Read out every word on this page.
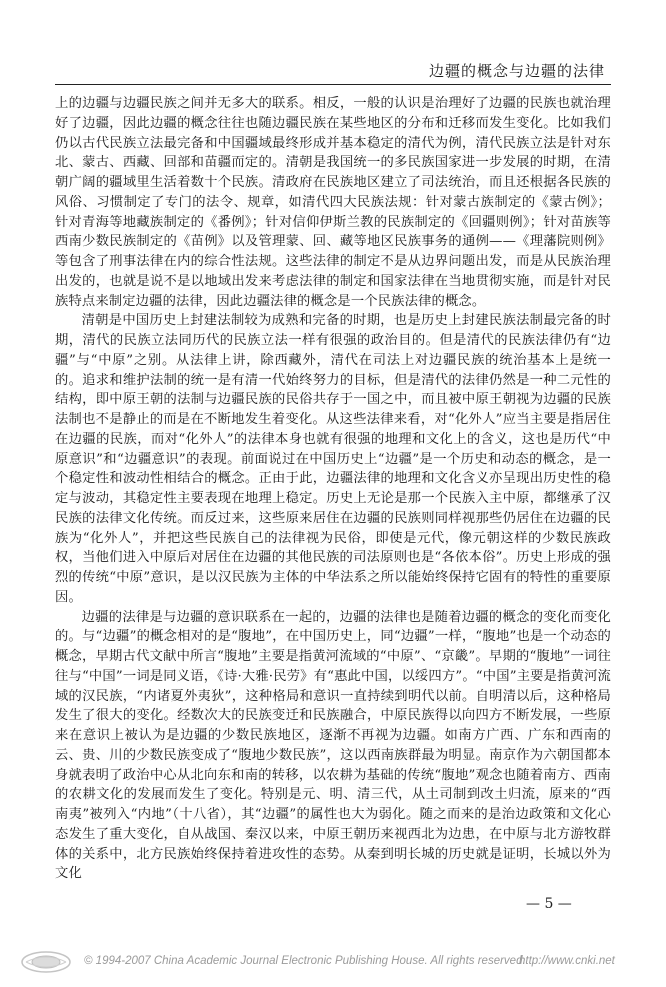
边疆的概念与边疆的法律

上的边疆与边疆民族之间并无多大的联系。相反，一般的认识是治理好了边疆的民族也就治理好了边疆，因此边疆的概念往往也随边疆民族在某些地区的分布和迁移而发生变化。比如我们仍以古代民族立法最完备和中国疆域最终形成并基本稳定的清代为例，清代民族立法是针对东北、蒙古、西藏、回部和苗疆而定的。清朝是我国统一的多民族国家进一步发展的时期，在清朝广阔的疆域里生活着数十个民族。清政府在民族地区建立了司法统治，而且还根据各民族的风俗、习惯制定了专门的法令、规章，如清代四大民族法规：针对蒙古族制定的《蒙古例》；针对青海等地藏族制定的《番例》；针对信仰伊斯兰教的民族制定的《回疆则例》；针对苗族等西南少数民族制定的《苗例》以及管理蒙、回、藏等地区民族事务的通例——《理藩院则例》等包含了刑事法律在内的综合性法规。这些法律的制定不是从边界问题出发，而是从民族治理出发的，也就是说不是以地域出发来考虑法律的制定和国家法律在当地贯彻实施，而是针对民族特点来制定边疆的法律，因此边疆法律的概念是一个民族法律的概念。

清朝是中国历史上封建法制较为成熟和完备的时期，也是历史上封建民族法制最完备的时期，清代的民族立法同历代的民族立法一样有很强的政治目的。但是清代的民族法律仍有“边疆”与“中原”之别。从法律上讲，除西藏外，清代在司法上对边疆民族的统治基本上是统一的。追求和维护法制的统一是有清一代始终努力的目标，但是清代的法律仍然是一种二元性的结构，即中原王朝的法制与边疆民族的民俗共存于一国之中，而且被中原王朝视为边疆的民族法制也不是静止的而是在不断地发生着变化。从这些法律来看，对“化外人”应当主要是指居住在边疆的民族，而对“化外人”的法律本身也就有很强的地理和文化上的含义，这也是历代“中原意识”和“边疆意识”的表现。前面说过在中国历史上“边疆”是一个历史和动态的概念，是一个稳定性和波动性相结合的概念。正由于此，边疆法律的地理和文化含义亦呈现出历史性的稳定与波动，其稳定性主要表现在地理上稳定。历史上无论是那一个民族入主中原，都继承了汉民族的法律文化传统。而反过来，这些原来居住在边疆的民族则同样视那些仍居住在边疆的民族为“化外人”，并把这些民族自己的法律视为民俗，即使是元代，像元朝这样的少数民族政权，当他们进入中原后对居住在边疆的其他民族的司法原则也是“各依本俗”。历史上形成的强烈的传统“中原”意识，是以汉民族为主体的中华法系之所以能始终保持它固有的特性的重要原因。

边疆的法律是与边疆的意识联系在一起的，边疆的法律也是随着边疆的概念的变化而变化的。与“边疆”的概念相对的是“腹地”，在中国历史上，同“边疆”一样，“腹地”也是一个动态的概念，早期古代文献中所言“腹地”主要是指黄河流域的“中原”、“京畿”。早期的“腹地”一词往往与“中国”一词是同义语，《诗·大雅·民劳》有“惠此中国，以绥四方”。“中国”主要是指黄河流域的汉民族，“内诸夏外夷狄”，这种格局和意识一直持续到明代以前。自明清以后，这种格局发生了很大的变化。经数次大的民族变迁和民族融合，中原民族得以向四方不断发展，一些原来在意识上被认为是边疆的少数民族地区，逐渐不再视为边疆。如南方广西、广东和西南的云、贵、川的少数民族变成了“腹地少数民族”，这以西南族群最为明显。南京作为六朝国都本身就表明了政治中心从北向东和南的转移，以农耕为基础的传统“腹地”观念也随着南方、西南的农耕文化的发展而发生了变化。特别是元、明、清三代，从土司制到改土归流，原来的“西南夷”被列入“内地”（十八省），其“边疆”的属性也大为弱化。随之而来的是治边政策和文化心态发生了重大变化，自从战国、秦汉以来，中原王朝历来视西北为边患，在中原与北方游牧群体的关系中，北方民族始终保持着进攻性的态势。从秦到明长城的历史就是证明，长城以外为文化

— 5 —
© 1994-2007 China Academic Journal Electronic Publishing House. All rights reserved.
http://www.cnki.net
